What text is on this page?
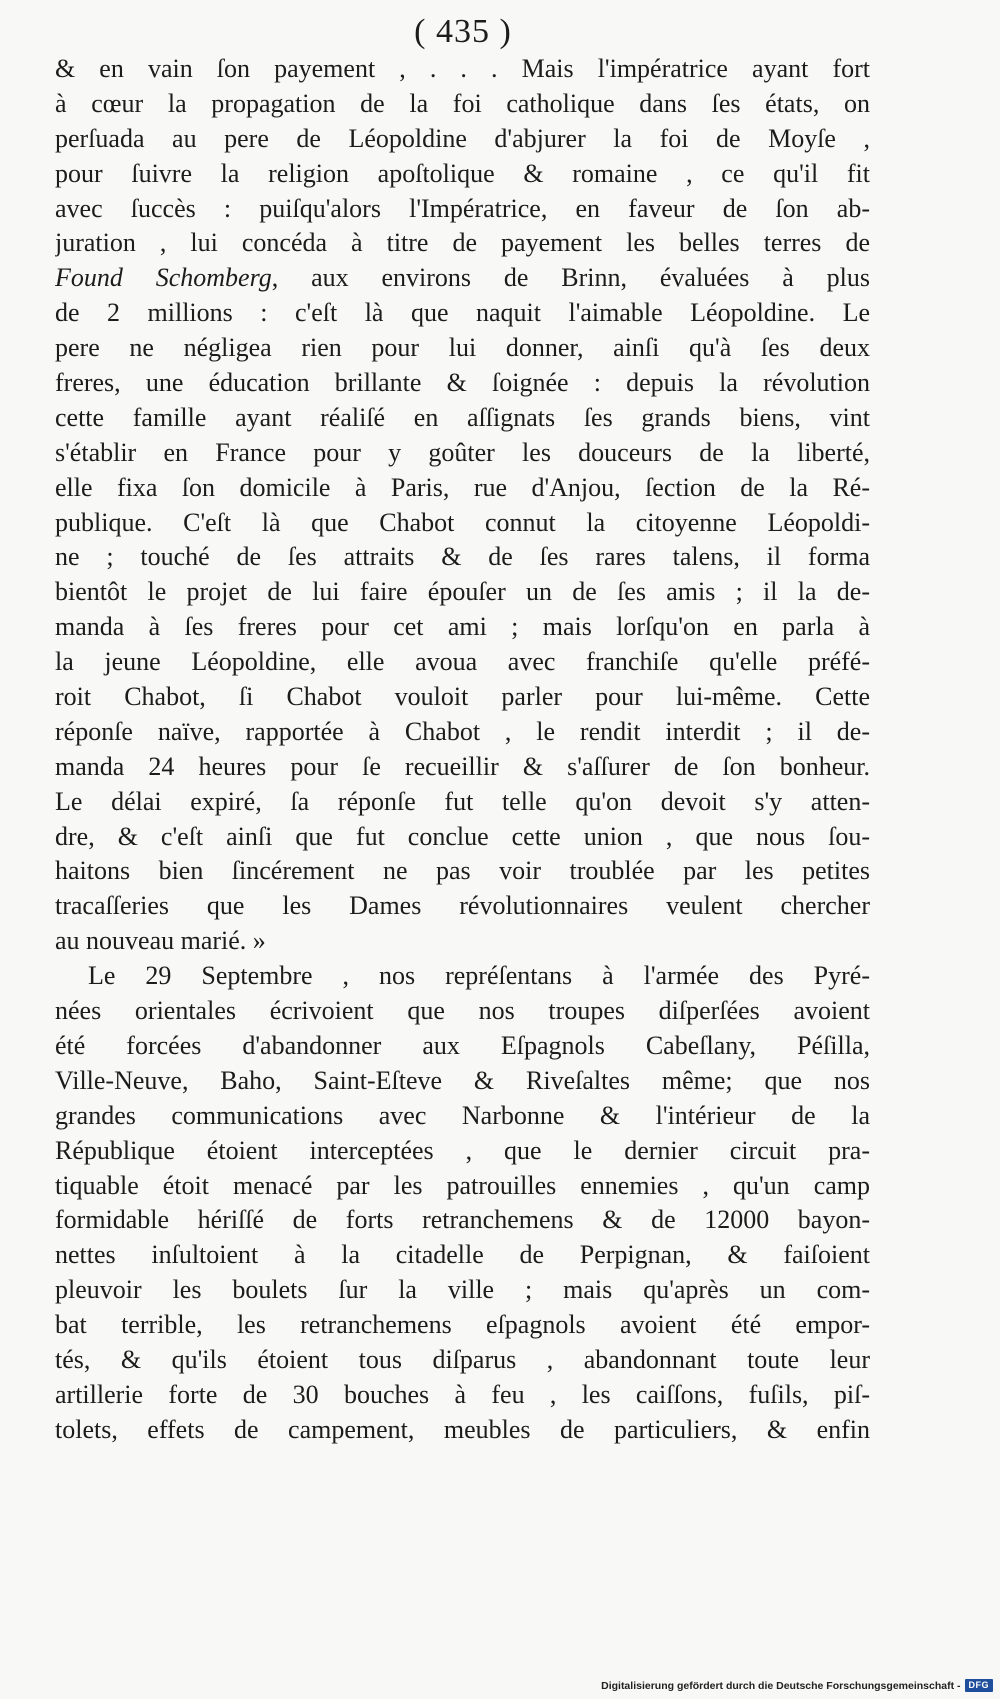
( 435 )
& en vain ſon payement , . . . Mais l'impératrice ayant fort
à cœur la propagation de la foi catholique dans ſes états, on
perſuada au pere de Léopoldine d'abjurer la foi de Moyſe ,
pour ſuivre la religion apoſtolique & romaine , ce qu'il fit
avec ſuccès : puiſqu'alors l'Impératrice, en faveur de ſon ab-
juration , lui concéda à titre de payement les belles terres de
Found Schomberg, aux environs de Brinn, évaluées à plus
de 2 millions : c'eſt là que naquit l'aimable Léopoldine. Le
pere ne négligea rien pour lui donner, ainſi qu'à ſes deux
freres, une éducation brillante & ſoignée : depuis la révolution
cette famille ayant réaliſé en aſſignats ſes grands biens, vint
s'établir en France pour y goûter les douceurs de la liberté,
elle fixa ſon domicile à Paris, rue d'Anjou, ſection de la Ré-
publique. C'eſt là que Chabot connut la citoyenne Léopoldi-
ne ; touché de ſes attraits & de ſes rares talens, il forma
bientôt le projet de lui faire épouſer un de ſes amis ; il la de-
manda à ſes freres pour cet ami ; mais lorſqu'on en parla à
la jeune Léopoldine, elle avoua avec franchiſe qu'elle préfé-
roit Chabot, ſi Chabot vouloit parler pour lui-même. Cette
réponſe naïve, rapportée à Chabot , le rendit interdit ; il de-
manda 24 heures pour ſe recueillir & s'aſſurer de ſon bonheur.
Le délai expiré, ſa réponſe fut telle qu'on devoit s'y atten-
dre, & c'eſt ainſi que fut conclue cette union , que nous ſou-
haitons bien ſincérement ne pas voir troublée par les petites
tracaſſeries que les Dames révolutionnaires veulent chercher
au nouveau marié. »
Le 29 Septembre , nos repréſentans à l'armée des Pyré-
nées orientales écrivoient que nos troupes diſperſées avoient
été forcées d'abandonner aux Eſpagnols Cabeſlany, Péſilla,
Ville-Neuve, Baho, Saint-Eſteve & Riveſaltes même; que nos
grandes communications avec Narbonne & l'intérieur de la
République étoient interceptées , que le dernier circuit pra-
tiquable étoit menacé par les patrouilles ennemies , qu'un camp
formidable hériſſé de forts retranchemens & de 12000 bayon-
nettes inſultoient à la citadelle de Perpignan, & faiſoient
pleuvoir les boulets ſur la ville ; mais qu'après un com-
bat terrible, les retranchemens eſpagnols avoient été empor-
tés, & qu'ils étoient tous diſparus , abandonnant toute leur
artillerie forte de 30 bouches à feu , les caiſſons, fuſils, piſ-
tolets, effets de campement, meubles de particuliers, & enfin
Digitalisierung gefördert durch die Deutsche Forschungsgemeinschaft - DFG
